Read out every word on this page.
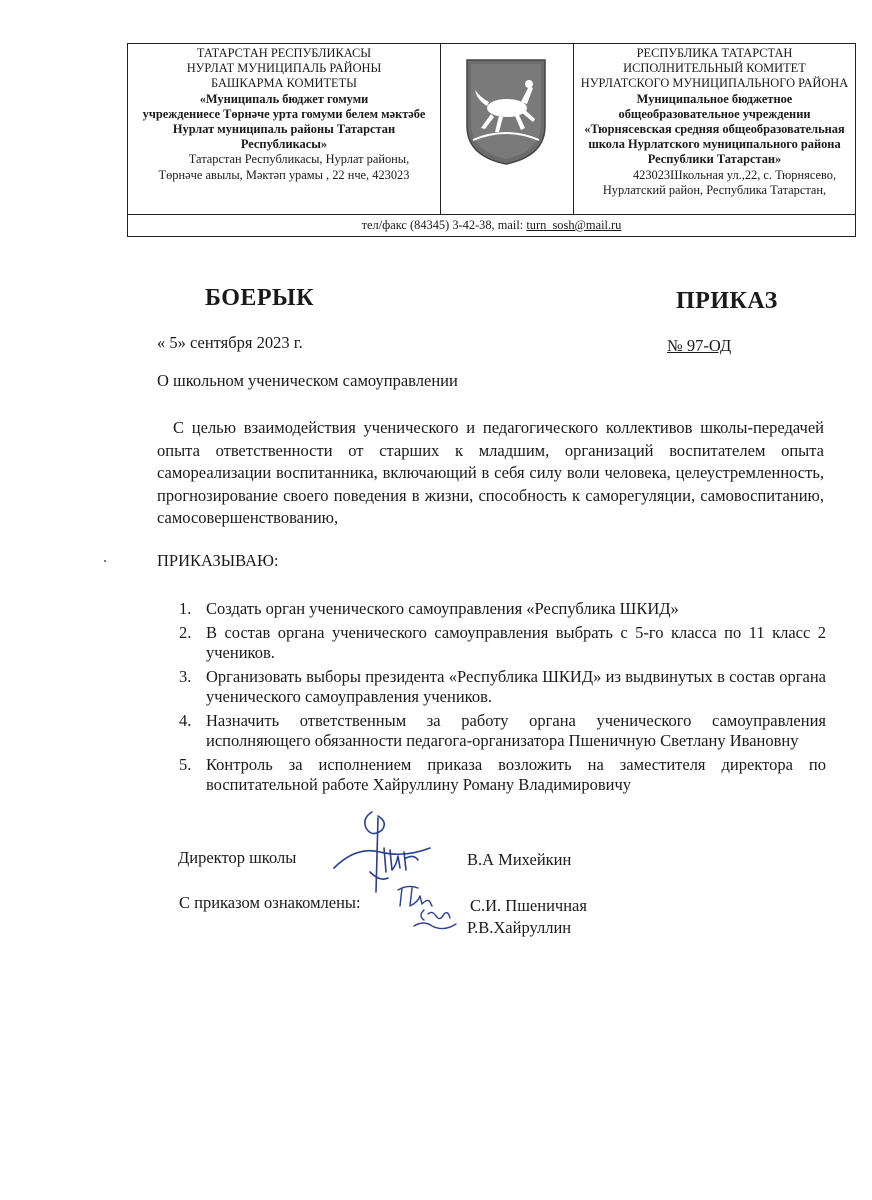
ТАТАРСТАН РЕСПУБЛИКАСЫ
НУРЛАТ МУНИЦИПАЛЬ РАЙОНЫ
БАШКАРМА КОМИТЕТЫ
«Муниципаль бюджет гомуми
учреждениесе Төрнәче урта гомуми белем мәктәбе
Нурлат муниципаль районы Татарстан
Республикасы»
Татарстан Республикасы, Нурлат районы,
Төрнәче авылы, Мәктәп урамы , 22 нче, 423023
РЕСПУБЛИКА ТАТАРСТАН
ИСПОЛНИТЕЛЬНЫЙ КОМИТЕТ
НУРЛАТСКОГО МУНИЦИПАЛЬНОГО РАЙОНА
Муниципальное бюджетное
общеобразовательное учреждении
«Тюрнясевская средняя общеобразовательная
школа Нурлатского муниципального района
Республики Татарстан»
423023Школьная ул.,22, с. Тюрнясево,
Нурлатский район, Республика Татарстан,
тел/факс (84345) 3-42-38, mail: turn_sosh@mail.ru
БОЕРЫК	ПРИКАЗ
« 5» сентября 2023 г.	№ 97-ОД
О школьном ученическом самоуправлении
С целью взаимодействия ученического и педагогического коллективов школы-передачей опыта ответственности от старших к младшим, организаций воспитателем опыта самореализации воспитанника, включающий в себя силу воли человека, целеустремленность, прогнозирование своего поведения в жизни, способность к саморегуляции, самовоспитанию, самосовершенствованию,
ПРИКАЗЫВАЮ:
1. Создать орган ученического самоуправления «Республика ШКИД»
2. В состав органа ученического самоуправления выбрать с 5-го класса по 11 класс 2 учеников.
3. Организовать выборы президента «Республика ШКИД» из выдвинутых в состав органа ученического самоуправления учеников.
4. Назначить ответственным за работу органа ученического самоуправления исполняющего обязанности педагога-организатора Пшеничную Светлану Ивановну
5. Контроль за исполнением приказа возложить на заместителя директора по воспитательной работе Хайруллину Роману Владимировичу
Директор школы	В.А Михейкин
С приказом ознакомлены:	С.И. Пшеничная
Р.В.Хайруллин
